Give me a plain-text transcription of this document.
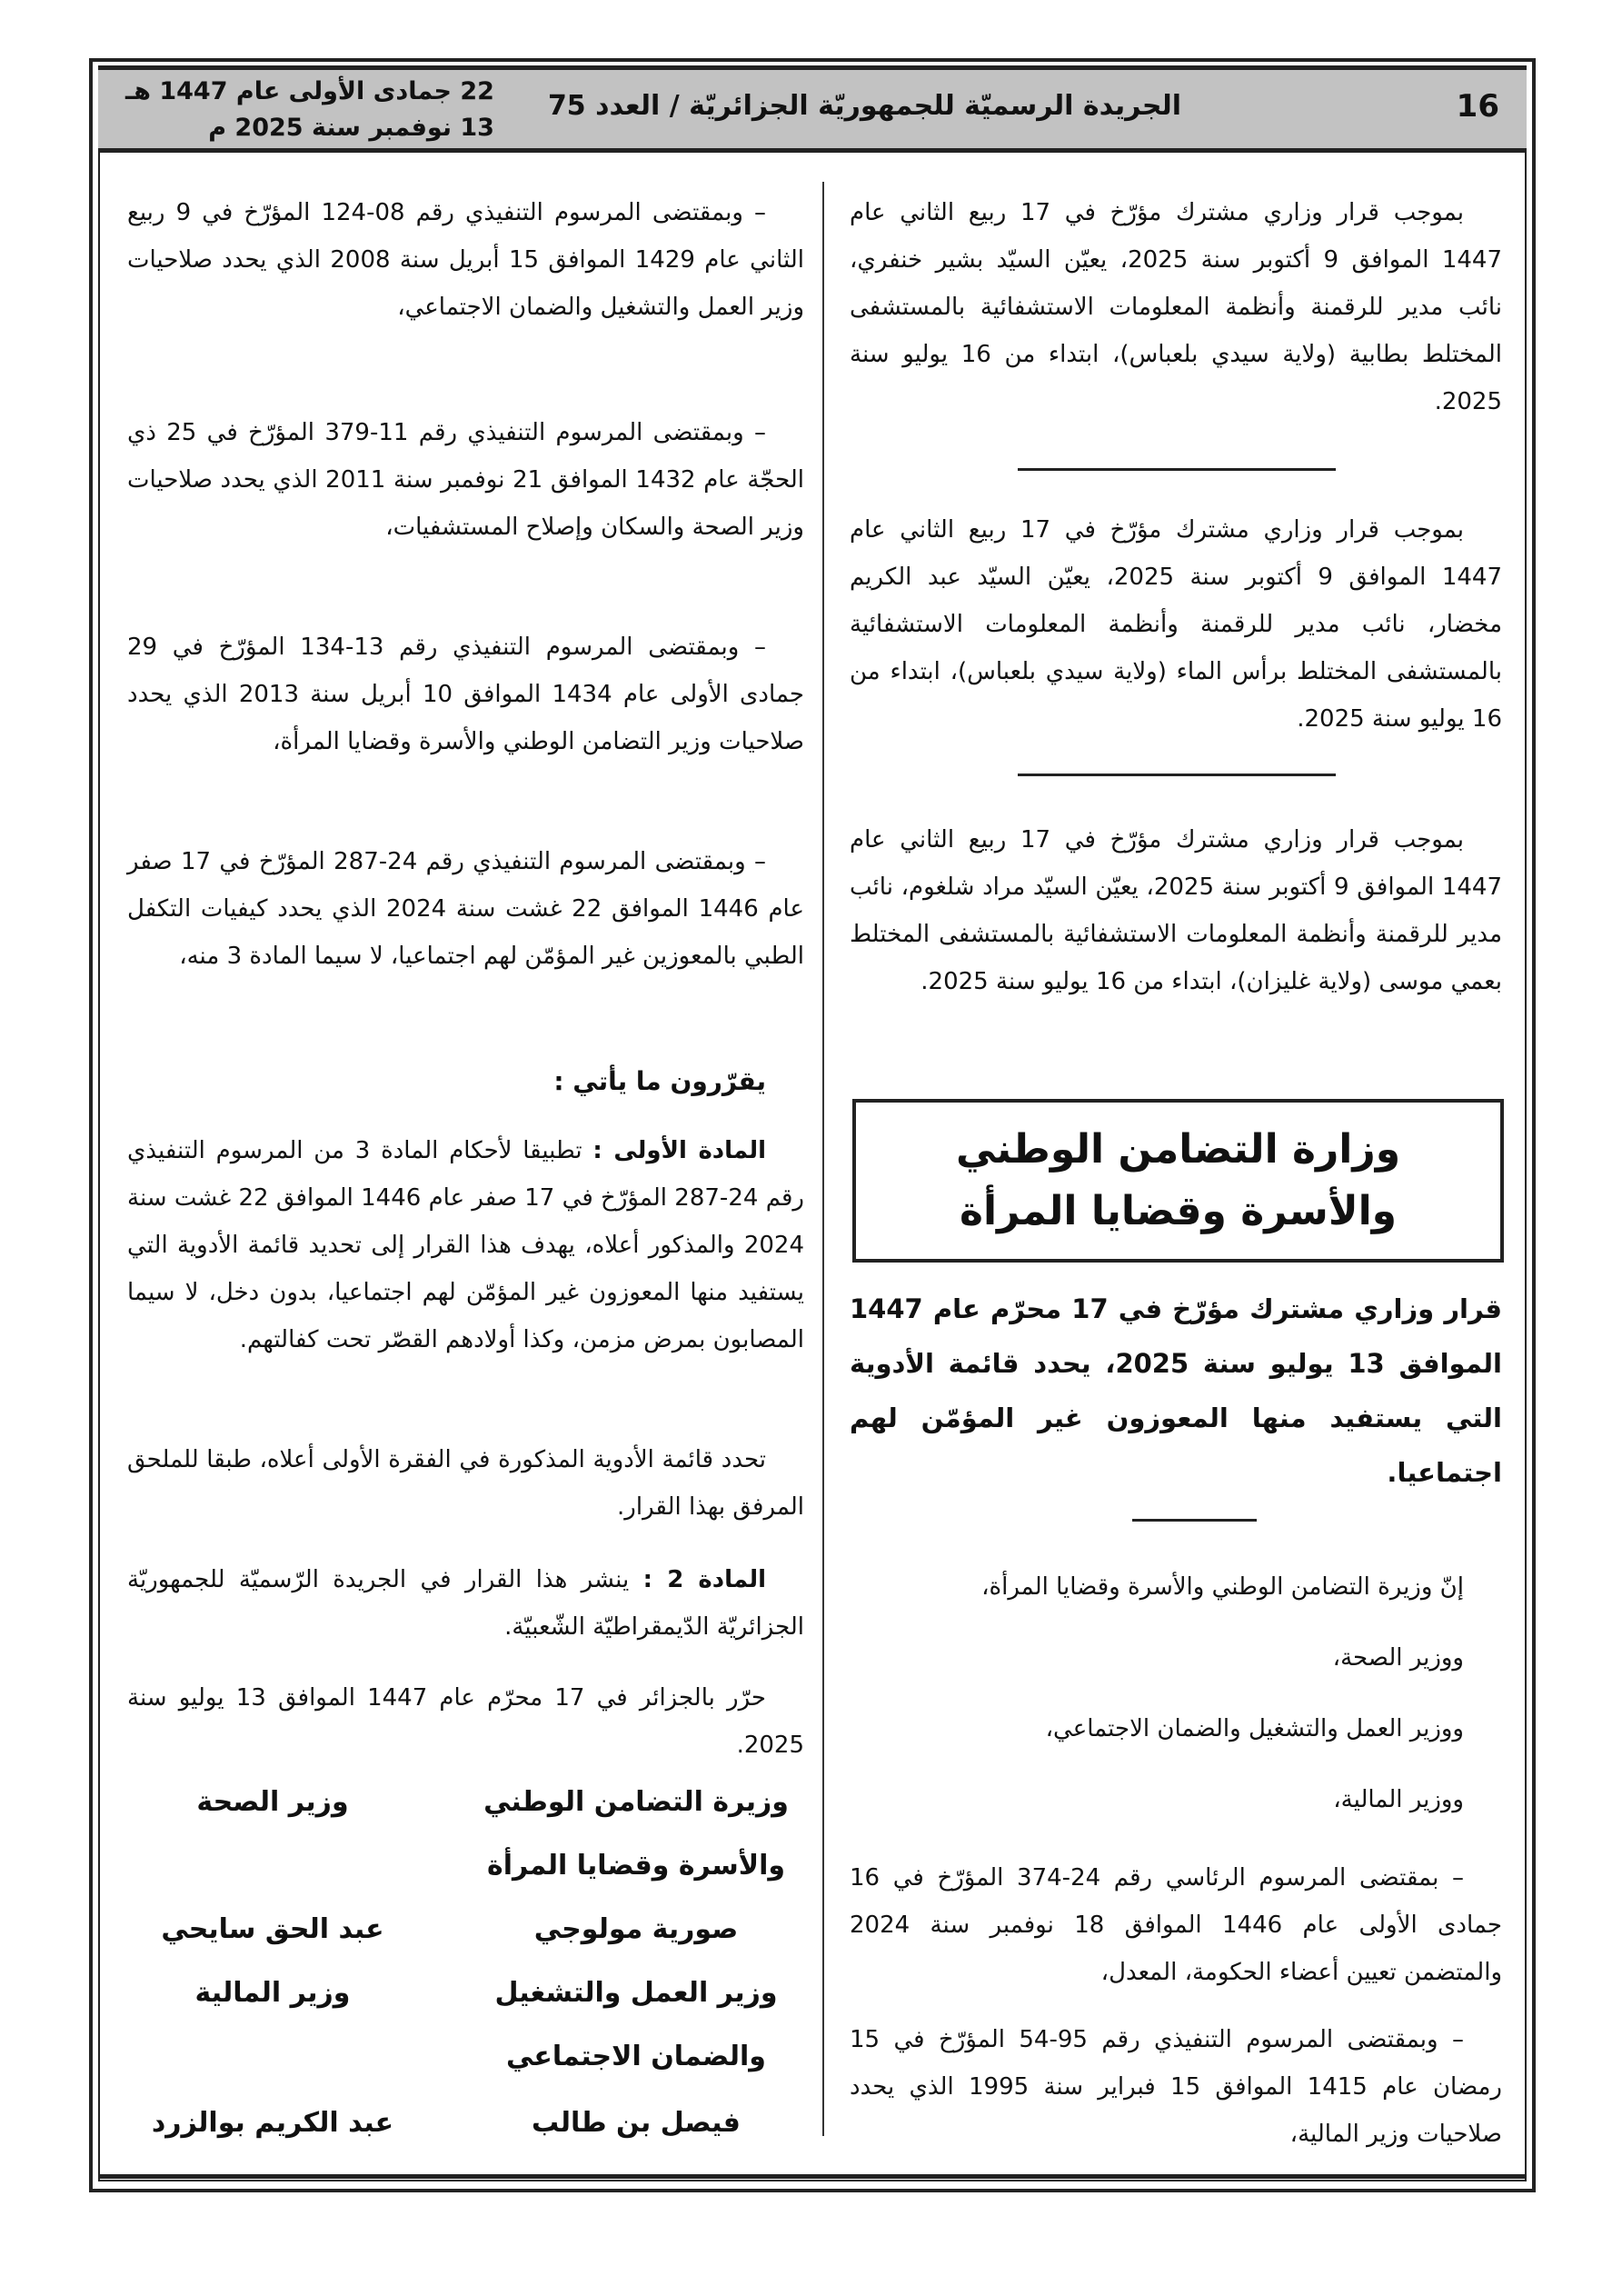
16
الجريدة الرسميّة للجمهوريّة الجزائريّة / العدد 75
22 جمادى الأولى عام 1447 هـ
13 نوفمبر سنة 2025 م

بموجب قرار وزاري مشترك مؤرّخ في 17 ربيع الثاني عام 1447 الموافق 9 أكتوبر سنة 2025، يعيّن السيّد بشير خنفري، نائب مدير للرقمنة وأنظمة المعلومات الاستشفائية بالمستشفى المختلط بطابية (ولاية سيدي بلعباس)، ابتداء من 16 يوليو سنة 2025.

بموجب قرار وزاري مشترك مؤرّخ في 17 ربيع الثاني عام 1447 الموافق 9 أكتوبر سنة 2025، يعيّن السيّد عبد الكريم مخضار، نائب مدير للرقمنة وأنظمة المعلومات الاستشفائية بالمستشفى المختلط برأس الماء (ولاية سيدي بلعباس)، ابتداء من 16 يوليو سنة 2025.

بموجب قرار وزاري مشترك مؤرّخ في 17 ربيع الثاني عام 1447 الموافق 9 أكتوبر سنة 2025، يعيّن السيّد مراد شلغوم، نائب مدير للرقمنة وأنظمة المعلومات الاستشفائية بالمستشفى المختلط بعمي موسى (ولاية غليزان)، ابتداء من 16 يوليو سنة 2025.

وزارة التضامن الوطني
والأسرة وقضايا المرأة

قرار وزاري مشترك مؤرّخ في 17 محرّم عام 1447 الموافق 13 يوليو سنة 2025، يحدد قائمة الأدوية التي يستفيد منها المعوزون غير المؤمّن لهم اجتماعيا.

إنّ وزيرة التضامن الوطني والأسرة وقضايا المرأة،

ووزير الصحة،

ووزير العمل والتشغيل والضمان الاجتماعي،

ووزير المالية،

– بمقتضى المرسوم الرئاسي رقم 24-374 المؤرّخ في 16 جمادى الأولى عام 1446 الموافق 18 نوفمبر سنة 2024 والمتضمن تعيين أعضاء الحكومة، المعدل،

– وبمقتضى المرسوم التنفيذي رقم 95-54 المؤرّخ في 15 رمضان عام 1415 الموافق 15 فبراير سنة 1995 الذي يحدد صلاحيات وزير المالية،

– وبمقتضى المرسوم التنفيذي رقم 08-124 المؤرّخ في 9 ربيع الثاني عام 1429 الموافق 15 أبريل سنة 2008 الذي يحدد صلاحيات وزير العمل والتشغيل والضمان الاجتماعي،

– وبمقتضى المرسوم التنفيذي رقم 11-379 المؤرّخ في 25 ذي الحجّة عام 1432 الموافق 21 نوفمبر سنة 2011 الذي يحدد صلاحيات وزير الصحة والسكان وإصلاح المستشفيات،

– وبمقتضى المرسوم التنفيذي رقم 13-134 المؤرّخ في 29 جمادى الأولى عام 1434 الموافق 10 أبريل سنة 2013 الذي يحدد صلاحيات وزير التضامن الوطني والأسرة وقضايا المرأة،

– وبمقتضى المرسوم التنفيذي رقم 24-287 المؤرّخ في 17 صفر عام 1446 الموافق 22 غشت سنة 2024 الذي يحدد كيفيات التكفل الطبي بالمعوزين غير المؤمّن لهم اجتماعيا، لا سيما المادة 3 منه،

يقرّرون ما يأتي :

المادة الأولى : تطبيقا لأحكام المادة 3 من المرسوم التنفيذي رقم 24-287 المؤرّخ في 17 صفر عام 1446 الموافق 22 غشت سنة 2024 والمذكور أعلاه، يهدف هذا القرار إلى تحديد قائمة الأدوية التي يستفيد منها المعوزون غير المؤمّن لهم اجتماعيا، بدون دخل، لا سيما المصابون بمرض مزمن، وكذا أولادهم القصّر تحت كفالتهم.

تحدد قائمة الأدوية المذكورة في الفقرة الأولى أعلاه، طبقا للملحق المرفق بهذا القرار.

المادة 2 : ينشر هذا القرار في الجريدة الرّسميّة للجمهوريّة الجزائريّة الدّيمقراطيّة الشّعبيّة.

حرّر بالجزائر في 17 محرّم عام 1447 الموافق 13 يوليو سنة 2025.

وزيرة التضامن الوطني
والأسرة وقضايا المرأة
صورية مولوجي
وزير العمل والتشغيل
والضمان الاجتماعي
فيصل بن طالب
وزير الصحة
عبد الحق سايحي
وزير المالية
عبد الكريم بوالزرد
